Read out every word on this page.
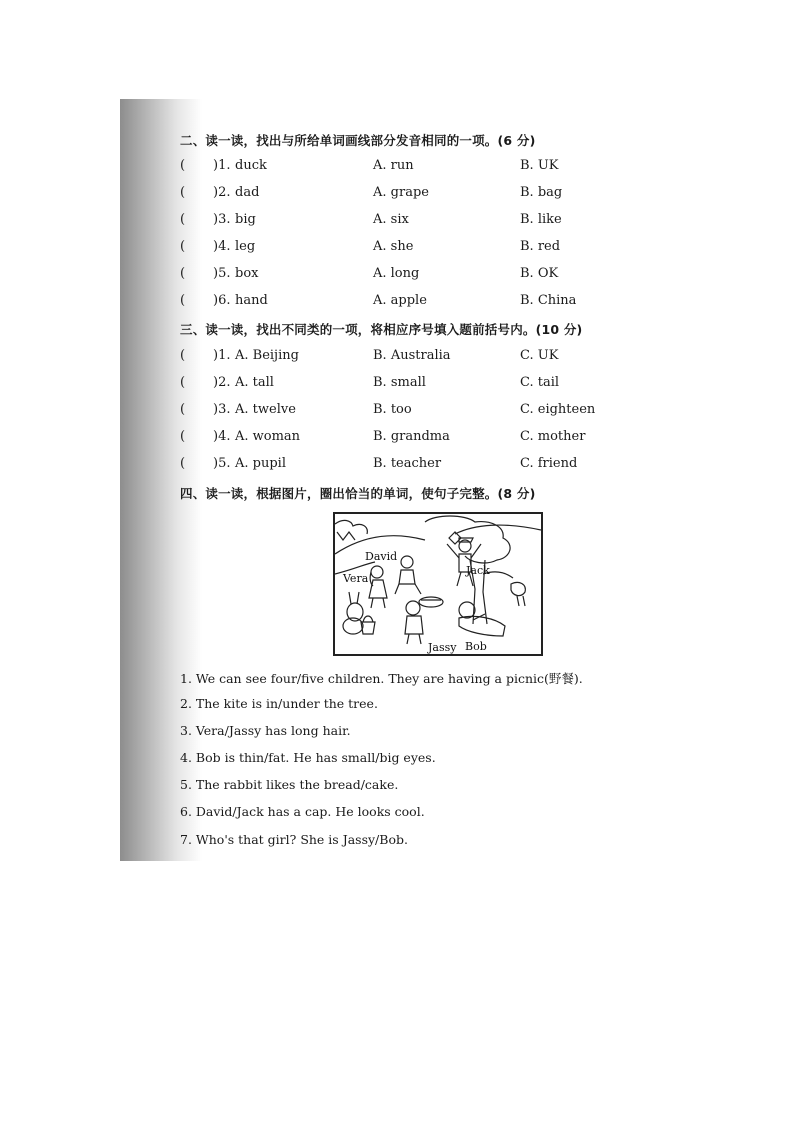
二、读一读，找出与所给单词画线部分发音相同的一项。(6 分)
( )1. duck	A. run	B. UK
( )2. dad	A. grape	B. bag
( )3. big	A. six	B. like
( )4. leg	A. she	B. red
( )5. box	A. long	B. OK
( )6. hand	A. apple	B. China
三、读一读，找出不同类的一项，将相应序号填入题前括号内。(10 分)
( )1. A. Beijing	B. Australia	C. UK
( )2. A. tall	B. small	C. tail
( )3. A. twelve	B. too	C. eighteen
( )4. A. woman	B. grandma	C. mother
( )5. A. pupil	B. teacher	C. friend
四、读一读，根据图片，圈出恰当的单词，使句子完整。(8 分)
David
Vera
Jack
Jassy Bob
1. We can see four/five children. They are having a picnic(野餐).
2. The kite is in/under the tree.
3. Vera/Jassy has long hair.
4. Bob is thin/fat. He has small/big eyes.
5. The rabbit likes the bread/cake.
6. David/Jack has a cap. He looks cool.
7. Who's that girl? She is Jassy/Bob.
